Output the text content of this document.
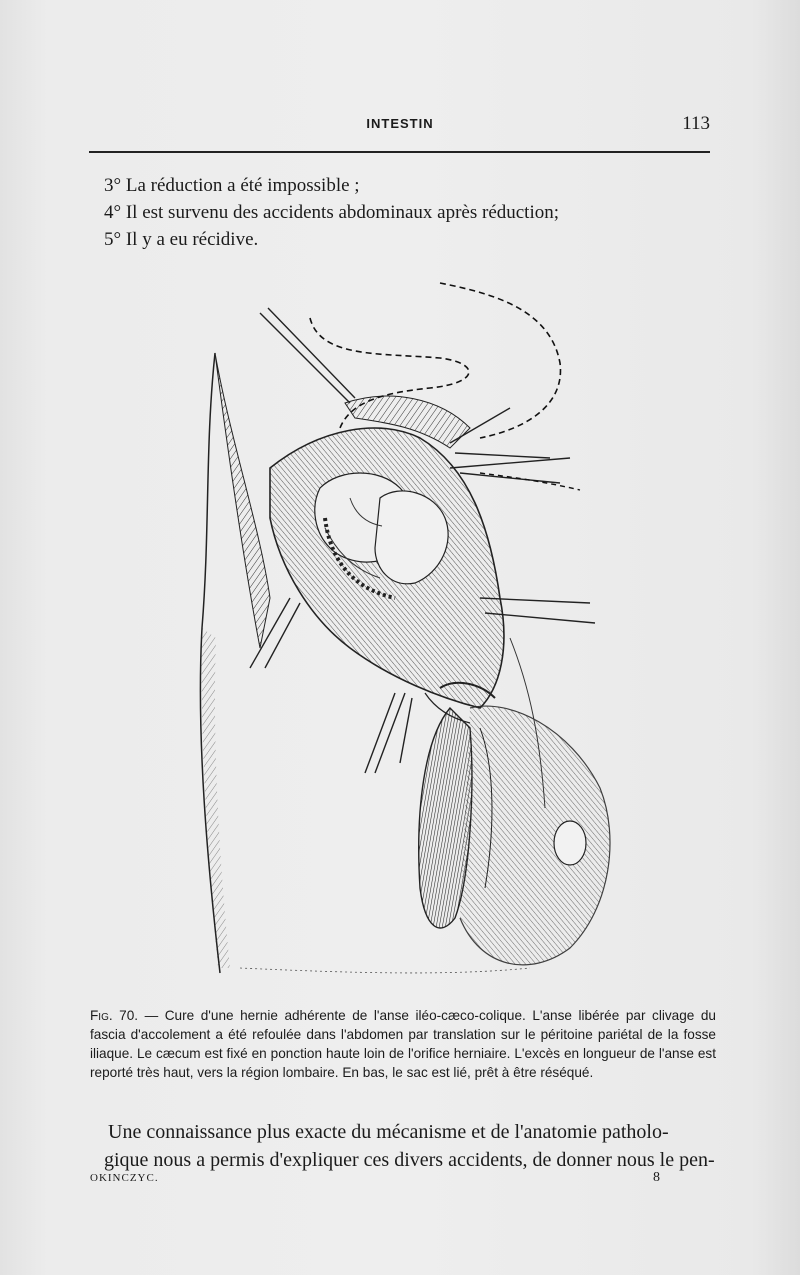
INTESTIN	113
3° La réduction a été impossible ;
4° Il est survenu des accidents abdominaux après réduction;
5° Il y a eu récidive.

Fig. 70. — Cure d'une hernie adhérente de l'anse iléo-cæco-colique. L'anse libérée par clivage du fascia d'accolement a été refoulée dans l'abdomen par translation sur le péritoine pariétal de la fosse iliaque. Le cæcum est fixé en ponction haute loin de l'orifice herniaire. L'excès en longueur de l'anse est reporté très haut, vers la région lombaire. En bas, le sac est lié, prêt à être réséqué.

Une connaissance plus exacte du mécanisme et de l'anatomie patholo-
gique nous a permis d'expliquer ces divers accidents, de donner nous le pen-
OKINCZYC.	8
